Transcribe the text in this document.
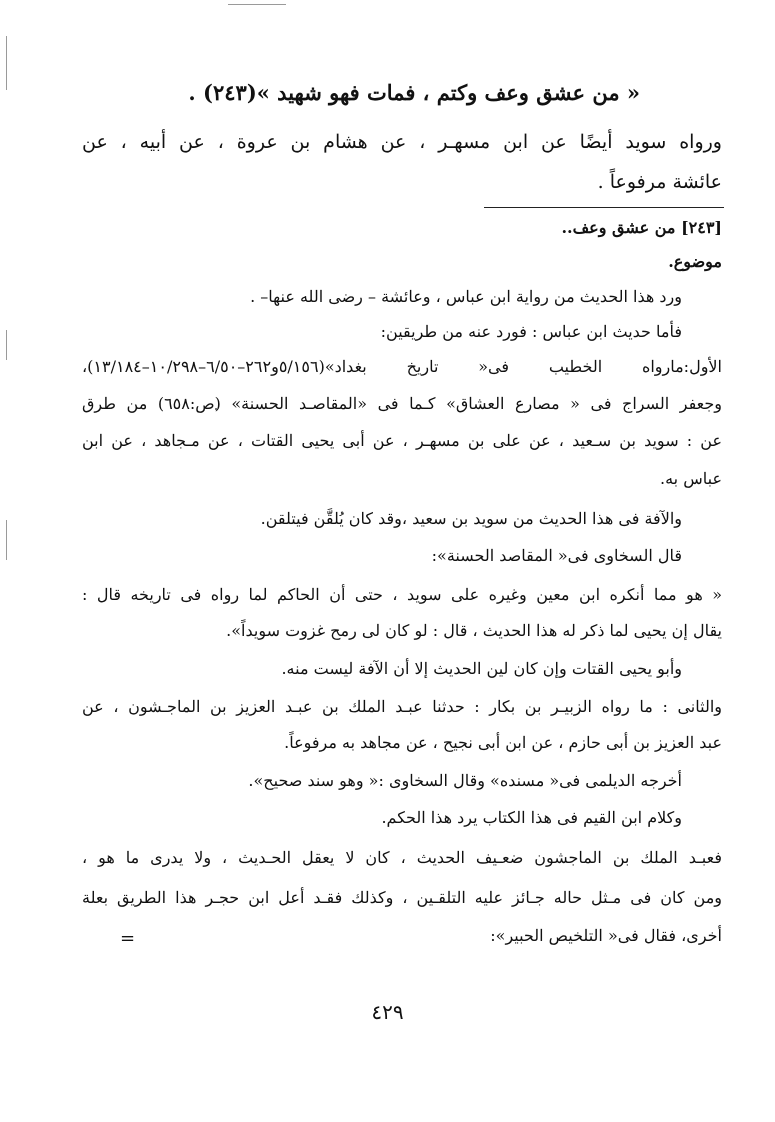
« من عشق وعف وكتم ، فمات فهو شهيد »(٢٤٣) .
ورواه سويد أيضًا عن ابن مسهـر ، عن هشام بن عروة ، عن أبيه ، عن
عائشة مرفوعاً .
[٢٤٣] من عشق وعف..
موضوع.
ورد هذا الحديث من رواية ابن عباس ، وعائشة – رضى الله عنها– .
فأما حديث ابن عباس : فورد عنه من طريقين:
الأول:مارواه الخطيب فى« تاريخ بغداد»(٥/١٥٦و٢٦٢–٦/٥٠–١٠/٢٩٨–١٣/١٨٤)،
وجعفر السراج فى « مصارع العشاق» كـما فى «المقاصـد الحسنة» (ص:٦٥٨) من طرق
عن : سويد بن سـعيد ، عن على بن مسهـر ، عن أبى يحيى القتات ، عن مـجاهد ، عن ابن
عباس به.
والآفة فى هذا الحديث من سويد بن سعيد ،وقد كان يُلقَّن فيتلقن.
قال السخاوى فى« المقاصد الحسنة»:
« هو مما أنكره ابن معين وغيره على سويد ، حتى أن الحاكم لما رواه فى تاريخه قال :
يقال إن يحيى لما ذكر له هذا الحديث ، قال : لو كان لى رمح غزوت سويداً».
وأبو يحيى القتات وإن كان لين الحديث إلا أن الآفة ليست منه.
والثانى : ما رواه الزبيـر بن بكار : حدثنا عبـد الملك بن عبـد العزيز بن الماجـشون ، عن
عبد العزيز بن أبى حازم ، عن ابن أبى نجيح ، عن مجاهد به مرفوعاً.
أخرجه الديلمى فى« مسنده» وقال السخاوى :« وهو سند صحيح».
وكلام ابن القيم فى هذا الكتاب يرد هذا الحكم.
فعبـد الملك بن الماجشون ضعـيف الحديث ، كان لا يعقل الحـديث ، ولا يدرى ما هو ،
ومن كان فى مـثل حاله جـائز عليه التلقـين ، وكذلك فقـد أعل ابن حجـر هذا الطريق بعلة
أخرى، فقال فى« التلخيص الحبير»:
=
٤٢٩
